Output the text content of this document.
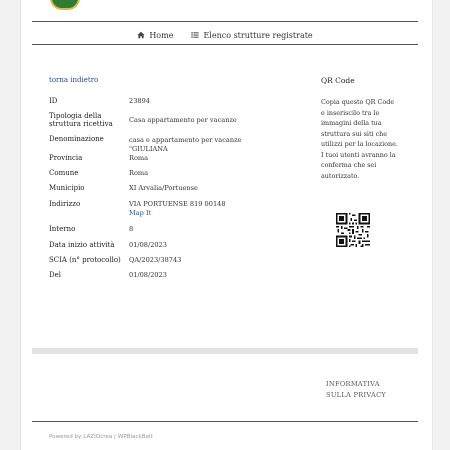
Home	Elenco strutture registrate
torna indietro
ID	23894
Tipologia della struttura ricettiva	Casa appartamento per vacanze
Denominazione	casa e appartamento per vacanze "GIULIANA
Provincia	Roma
Comune	Roma
Municipio	XI Arvalia/Portuense
Indirizzo	VIA PORTUENSE 819 00148
Map It

Interno	8
Data inizio attività	01/08/2023
SCIA (n° protocollo)	QA/2023/38743
Del	01/08/2023
QR Code
Copia questo QR Code e inseriscilo tra le immagini della tua struttura sui siti che utilizzi per la locazione. I tuoi utenti avranno la conferma che sei autorizzato.
INFORMATIVA SULLA PRIVACY
Powered by LAZIOcrea | WPBlackBelt
